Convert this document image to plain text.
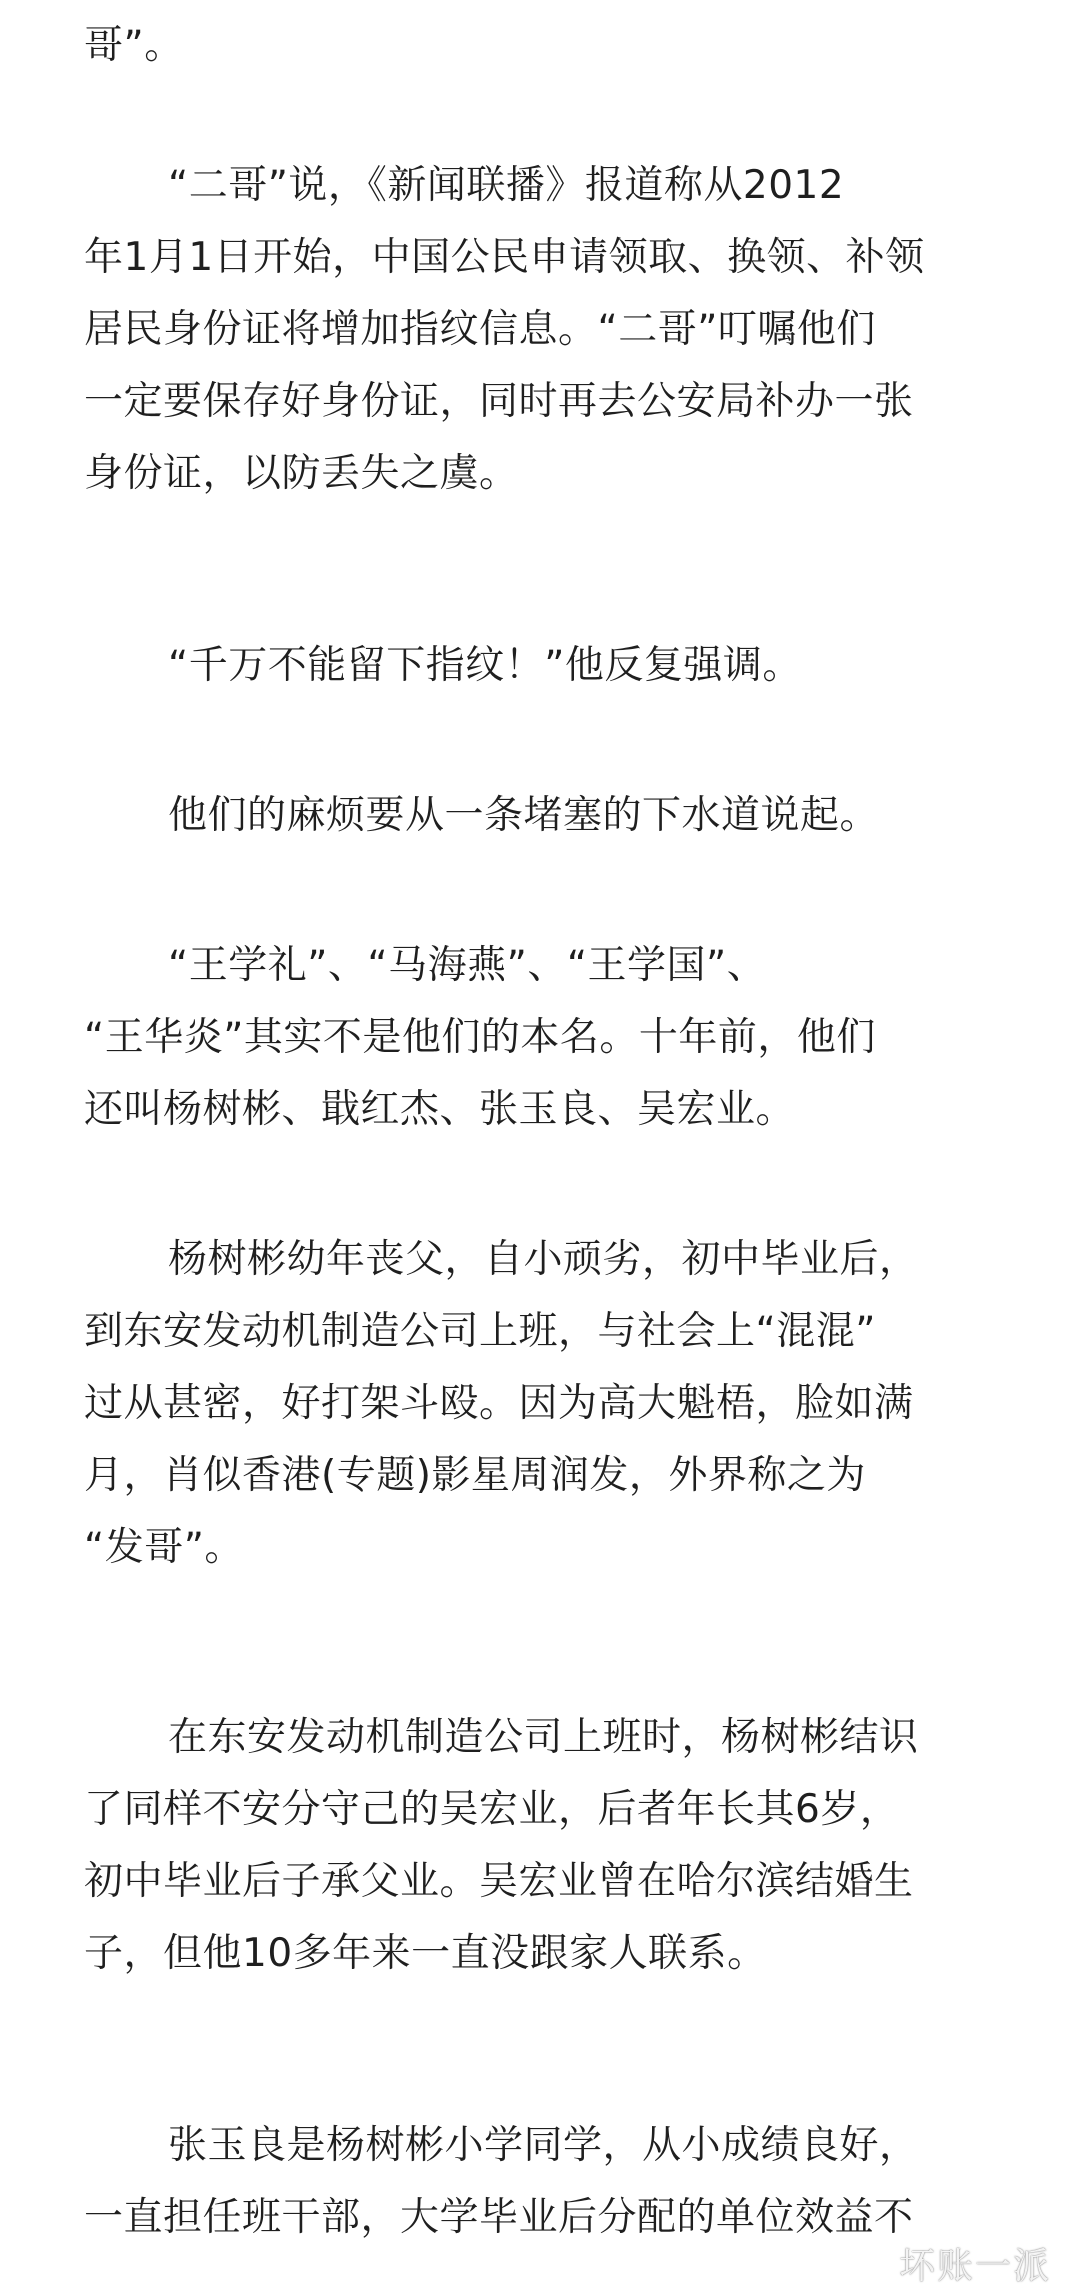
哥”。
“二哥”说，《新闻联播》报道称从2012
年1月1日开始，中国公民申请领取、换领、补领
居民身份证将增加指纹信息。“二哥”叮嘱他们
一定要保存好身份证，同时再去公安局补办一张
身份证，以防丢失之虞。
“千万不能留下指纹！”他反复强调。
他们的麻烦要从一条堵塞的下水道说起。
“王学礼”、“马海燕”、“王学国”、
“王华炎”其实不是他们的本名。十年前，他们
还叫杨树彬、戢红杰、张玉良、吴宏业。
杨树彬幼年丧父，自小顽劣，初中毕业后，
到东安发动机制造公司上班，与社会上“混混”
过从甚密，好打架斗殴。因为高大魁梧，脸如满
月，肖似香港(专题)影星周润发，外界称之为
“发哥”。
在东安发动机制造公司上班时，杨树彬结识
了同样不安分守己的吴宏业，后者年长其6岁，
初中毕业后子承父业。吴宏业曾在哈尔滨结婚生
子，但他10多年来一直没跟家人联系。
张玉良是杨树彬小学同学，从小成绩良好，
一直担任班干部，大学毕业后分配的单位效益不
坏账一派
